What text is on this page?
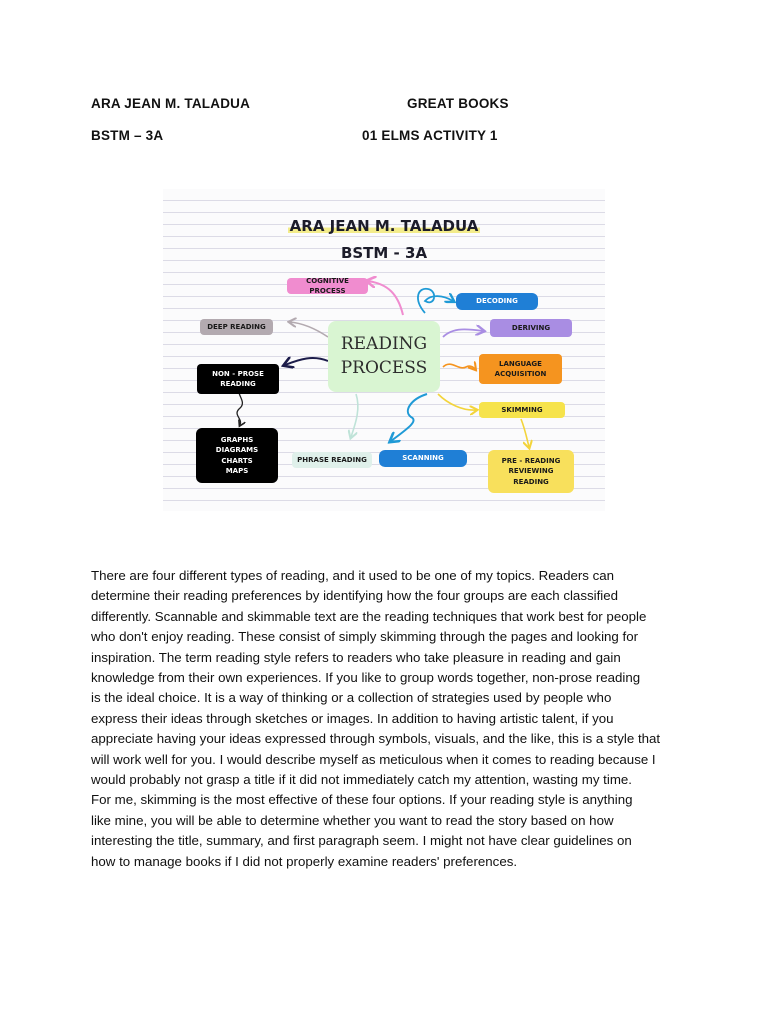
ARA JEAN M. TALADUA	GREAT BOOKS
BSTM – 3A	01 ELMS ACTIVITY 1
ARA JEAN M. TALADUA
BSTM - 3A
COGNITIVE PROCESS
DECODING
DEEP READING	DERIVING
READING
PROCESS
NON - PROSE
READING
LANGUAGE
ACQUISITION
SKIMMING
GRAPHS
DIAGRAMS
CHARTS
MAPS
PHRASE READING	SCANNING	PRE - READING
REVIEWING
READING
There are four different types of reading, and it used to be one of my topics. Readers can
determine their reading preferences by identifying how the four groups are each classified
differently. Scannable and skimmable text are the reading techniques that work best for people
who don't enjoy reading. These consist of simply skimming through the pages and looking for
inspiration. The term reading style refers to readers who take pleasure in reading and gain
knowledge from their own experiences. If you like to group words together, non-prose reading
is the ideal choice. It is a way of thinking or a collection of strategies used by people who
express their ideas through sketches or images. In addition to having artistic talent, if you
appreciate having your ideas expressed through symbols, visuals, and the like, this is a style that
will work well for you. I would describe myself as meticulous when it comes to reading because I
would probably not grasp a title if it did not immediately catch my attention, wasting my time.
For me, skimming is the most effective of these four options. If your reading style is anything
like mine, you will be able to determine whether you want to read the story based on how
interesting the title, summary, and first paragraph seem. I might not have clear guidelines on
how to manage books if I did not properly examine readers' preferences.
